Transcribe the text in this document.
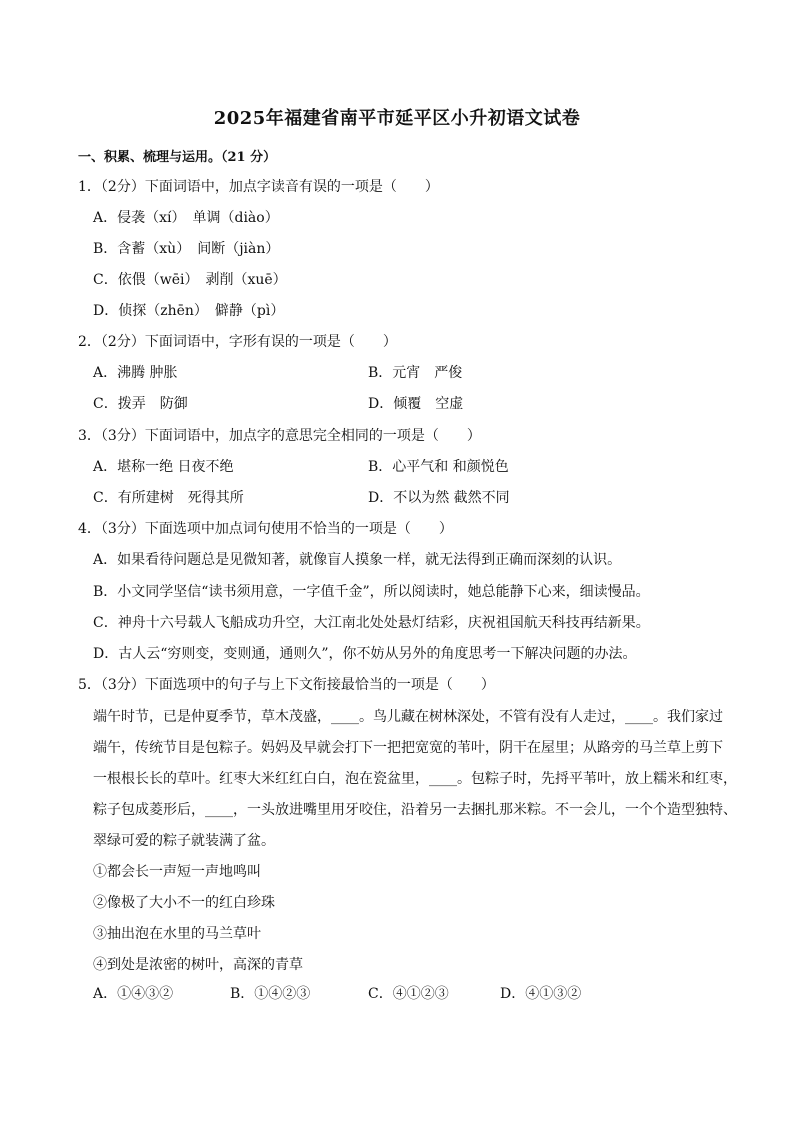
2025年福建省南平市延平区小升初语文试卷
一、积累、梳理与运用。（21 分）
1．（2分）下面词语中，加点字读音有误的一项是（　　）
A．侵袭（xí）　单调（diào）
B．含蓄（xù）　间断（jiàn）
C．依偎（wēi）　剥削（xuē）
D．侦探（zhēn）　僻静（pì）
2．（2分）下面词语中，字形有误的一项是（　　）
A．沸腾 肿胀	B．元宵　严俊
C．拨弄　防御	D．倾覆　空虚
3．（3分）下面词语中，加点字的意思完全相同的一项是（　　）
A．堪称一绝 日夜不绝	B．心平气和 和颜悦色
C．有所建树　死得其所	D．不以为然 截然不同
4．（3分）下面选项中加点词句使用不恰当的一项是（　　）
A．如果看待问题总是见微知著，就像盲人摸象一样，就无法得到正确而深刻的认识。
B．小文同学坚信“读书须用意，一字值千金”，所以阅读时，她总能静下心来，细读慢品。
C．神舟十六号载人飞船成功升空，大江南北处处悬灯结彩，庆祝祖国航天科技再结新果。
D．古人云“穷则变，变则通，通则久”，你不妨从另外的角度思考一下解决问题的办法。
5．（3分）下面选项中的句子与上下文衔接最恰当的一项是（　　）
端午时节，已是仲夏季节，草木茂盛，____。鸟儿藏在树林深处，不管有没有人走过，____。我们家过
端午，传统节目是包粽子。妈妈及早就会打下一把把宽宽的苇叶，阴干在屋里；从路旁的马兰草上剪下
一根根长长的草叶。红枣大米红红白白，泡在瓷盆里，____。包粽子时，先捋平苇叶，放上糯米和红枣，
粽子包成菱形后，____，一头放进嘴里用牙咬住，沿着另一去捆扎那米粽。不一会儿，一个个造型独特、
翠绿可爱的粽子就装满了盆。
①都会长一声短一声地鸣叫
②像极了大小不一的红白珍珠
③抽出泡在水里的马兰草叶
④到处是浓密的树叶，高深的青草
A．①④③②	B．①④②③	C．④①②③	D．④①③②
